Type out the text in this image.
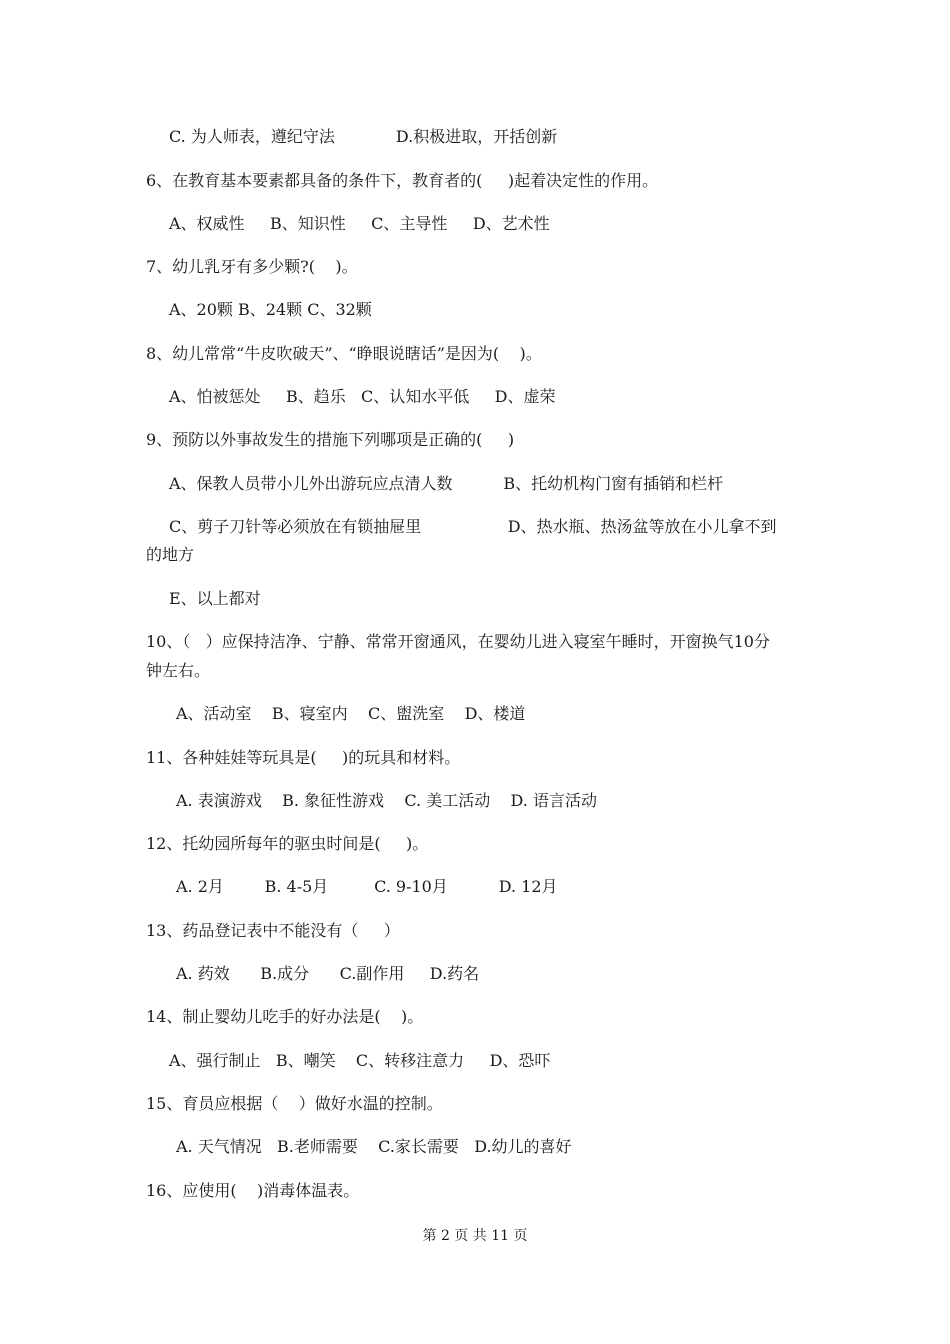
C. 为人师表，遵纪守法            D.积极进取，开括创新
6、在教育基本要素都具备的条件下，教育者的(     )起着决定性的作用。
A、权威性     B、知识性     C、主导性     D、艺术性
7、幼儿乳牙有多少颗?(    )。
A、20颗 B、24颗 C、32颗
8、幼儿常常“牛皮吹破天”、“睁眼说瞎话”是因为(    )。
A、怕被惩处     B、趋乐   C、认知水平低     D、虚荣
9、预防以外事故发生的措施下列哪项是正确的(     )
A、保教人员带小儿外出游玩应点清人数          B、托幼机构门窗有插销和栏杆
C、剪子刀针等必须放在有锁抽屉里                 D、热水瓶、热汤盆等放在小儿拿不到
的地方
E、以上都对
10、（   ）应保持洁净、宁静、常常开窗通风，在婴幼儿进入寝室午睡时，开窗换气10分
钟左右。
A、活动室    B、寝室内    C、盥洗室    D、楼道
11、各种娃娃等玩具是(     )的玩具和材料。
A. 表演游戏    B. 象征性游戏    C. 美工活动    D. 语言活动
12、托幼园所每年的驱虫时间是(     )。
A. 2月        B. 4-5月         C. 9-10月          D. 12月
13、药品登记表中不能没有（     ）
A. 药效      B.成分      C.副作用     D.药名
14、制止婴幼儿吃手的好办法是(    )。
A、强行制止   B、嘲笑    C、转移注意力     D、恐吓
15、育员应根据（    ）做好水温的控制。
A. 天气情况   B.老师需要    C.家长需要   D.幼儿的喜好
16、应使用(    )消毒体温表。
第 2 页 共 11 页
